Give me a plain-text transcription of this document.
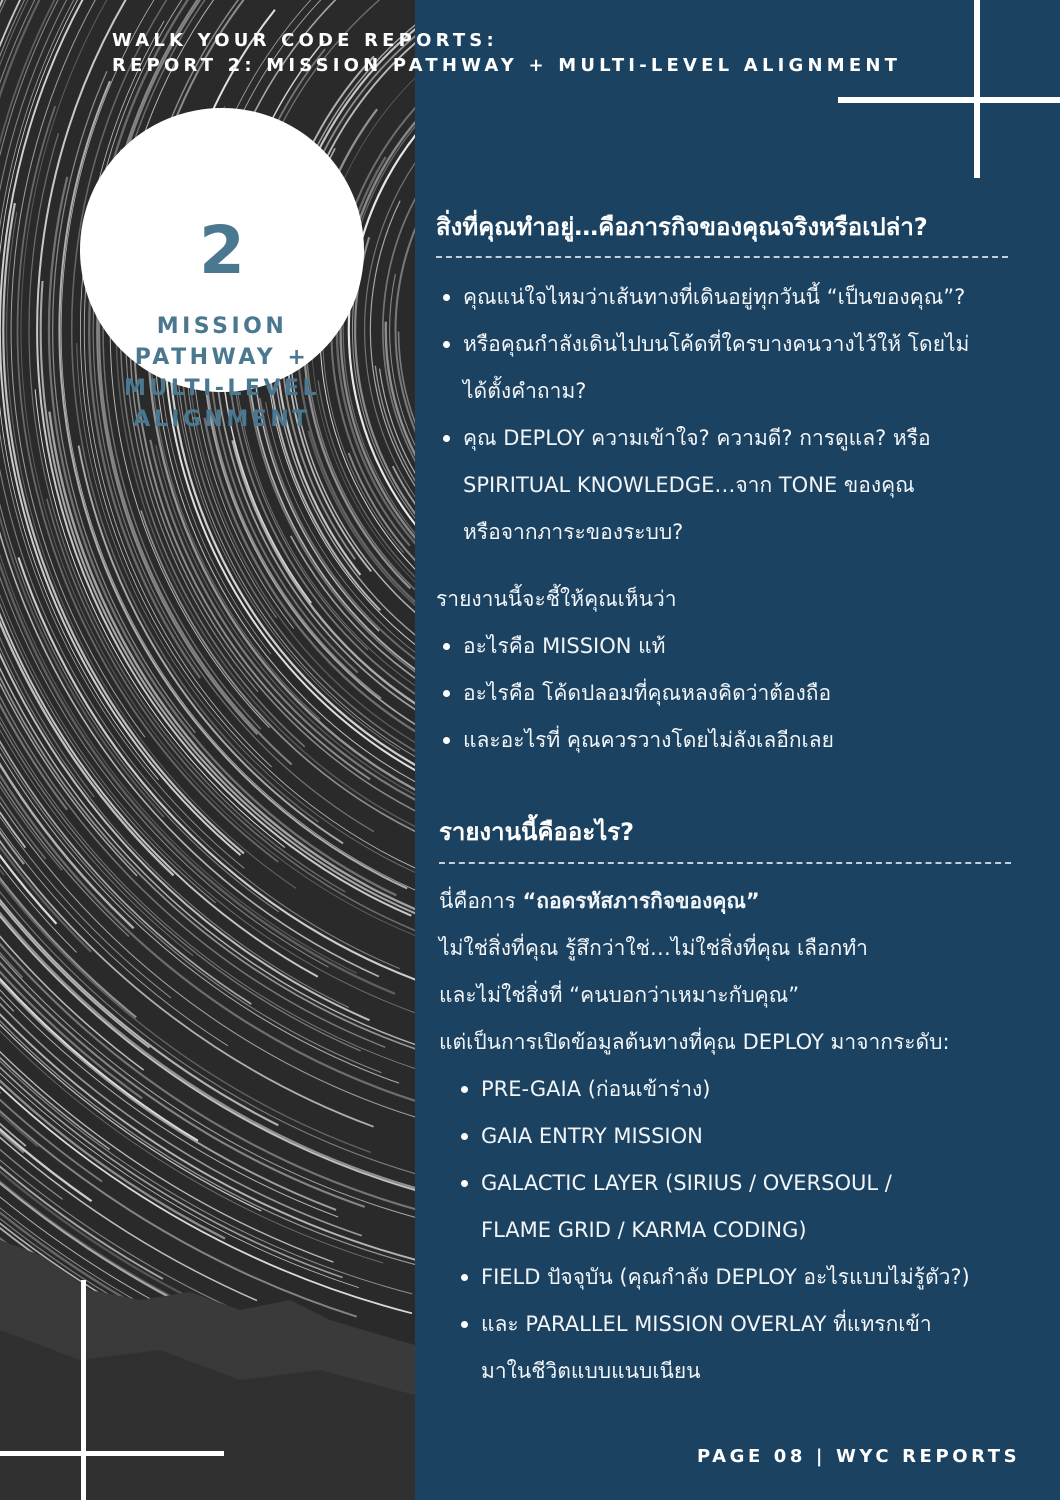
WALK YOUR CODE REPORTS:
REPORT 2: MISSION PATHWAY + MULTI-LEVEL ALIGNMENT
2
MISSION
PATHWAY +
MULTI-LEVEL
ALIGNMENT
สิ่งที่คุณทำอยู่…คือภารกิจของคุณจริงหรือเปล่า?
คุณแน่ใจไหมว่าเส้นทางที่เดินอยู่ทุกวันนี้ “เป็นของคุณ”?
หรือคุณกำลังเดินไปบนโค้ดที่ใครบางคนวางไว้ให้ โดยไม่
ได้ตั้งคำถาม?
คุณ DEPLOY ความเข้าใจ? ความดี? การดูแล? หรือ
SPIRITUAL KNOWLEDGE…จาก TONE ของคุณ
หรือจากภาระของระบบ?
รายงานนี้จะชี้ให้คุณเห็นว่า
อะไรคือ MISSION แท้
อะไรคือ โค้ดปลอมที่คุณหลงคิดว่าต้องถือ
และอะไรที่ คุณควรวางโดยไม่ลังเลอีกเลย
รายงานนี้คืออะไร?
นี่คือการ “ถอดรหัสภารกิจของคุณ”
ไม่ใช่สิ่งที่คุณ รู้สึกว่าใช่…ไม่ใช่สิ่งที่คุณ เลือกทำ
และไม่ใช่สิ่งที่ “คนบอกว่าเหมาะกับคุณ”
แต่เป็นการเปิดข้อมูลต้นทางที่คุณ DEPLOY มาจากระดับ:
PRE-GAIA (ก่อนเข้าร่าง)
GAIA ENTRY MISSION
GALACTIC LAYER (SIRIUS / OVERSOUL /
FLAME GRID / KARMA CODING)
FIELD ปัจจุบัน (คุณกำลัง DEPLOY อะไรแบบไม่รู้ตัว?)
และ PARALLEL MISSION OVERLAY ที่แทรกเข้า
มาในชีวิตแบบแนบเนียน
PAGE 08 | WYC REPORTS
